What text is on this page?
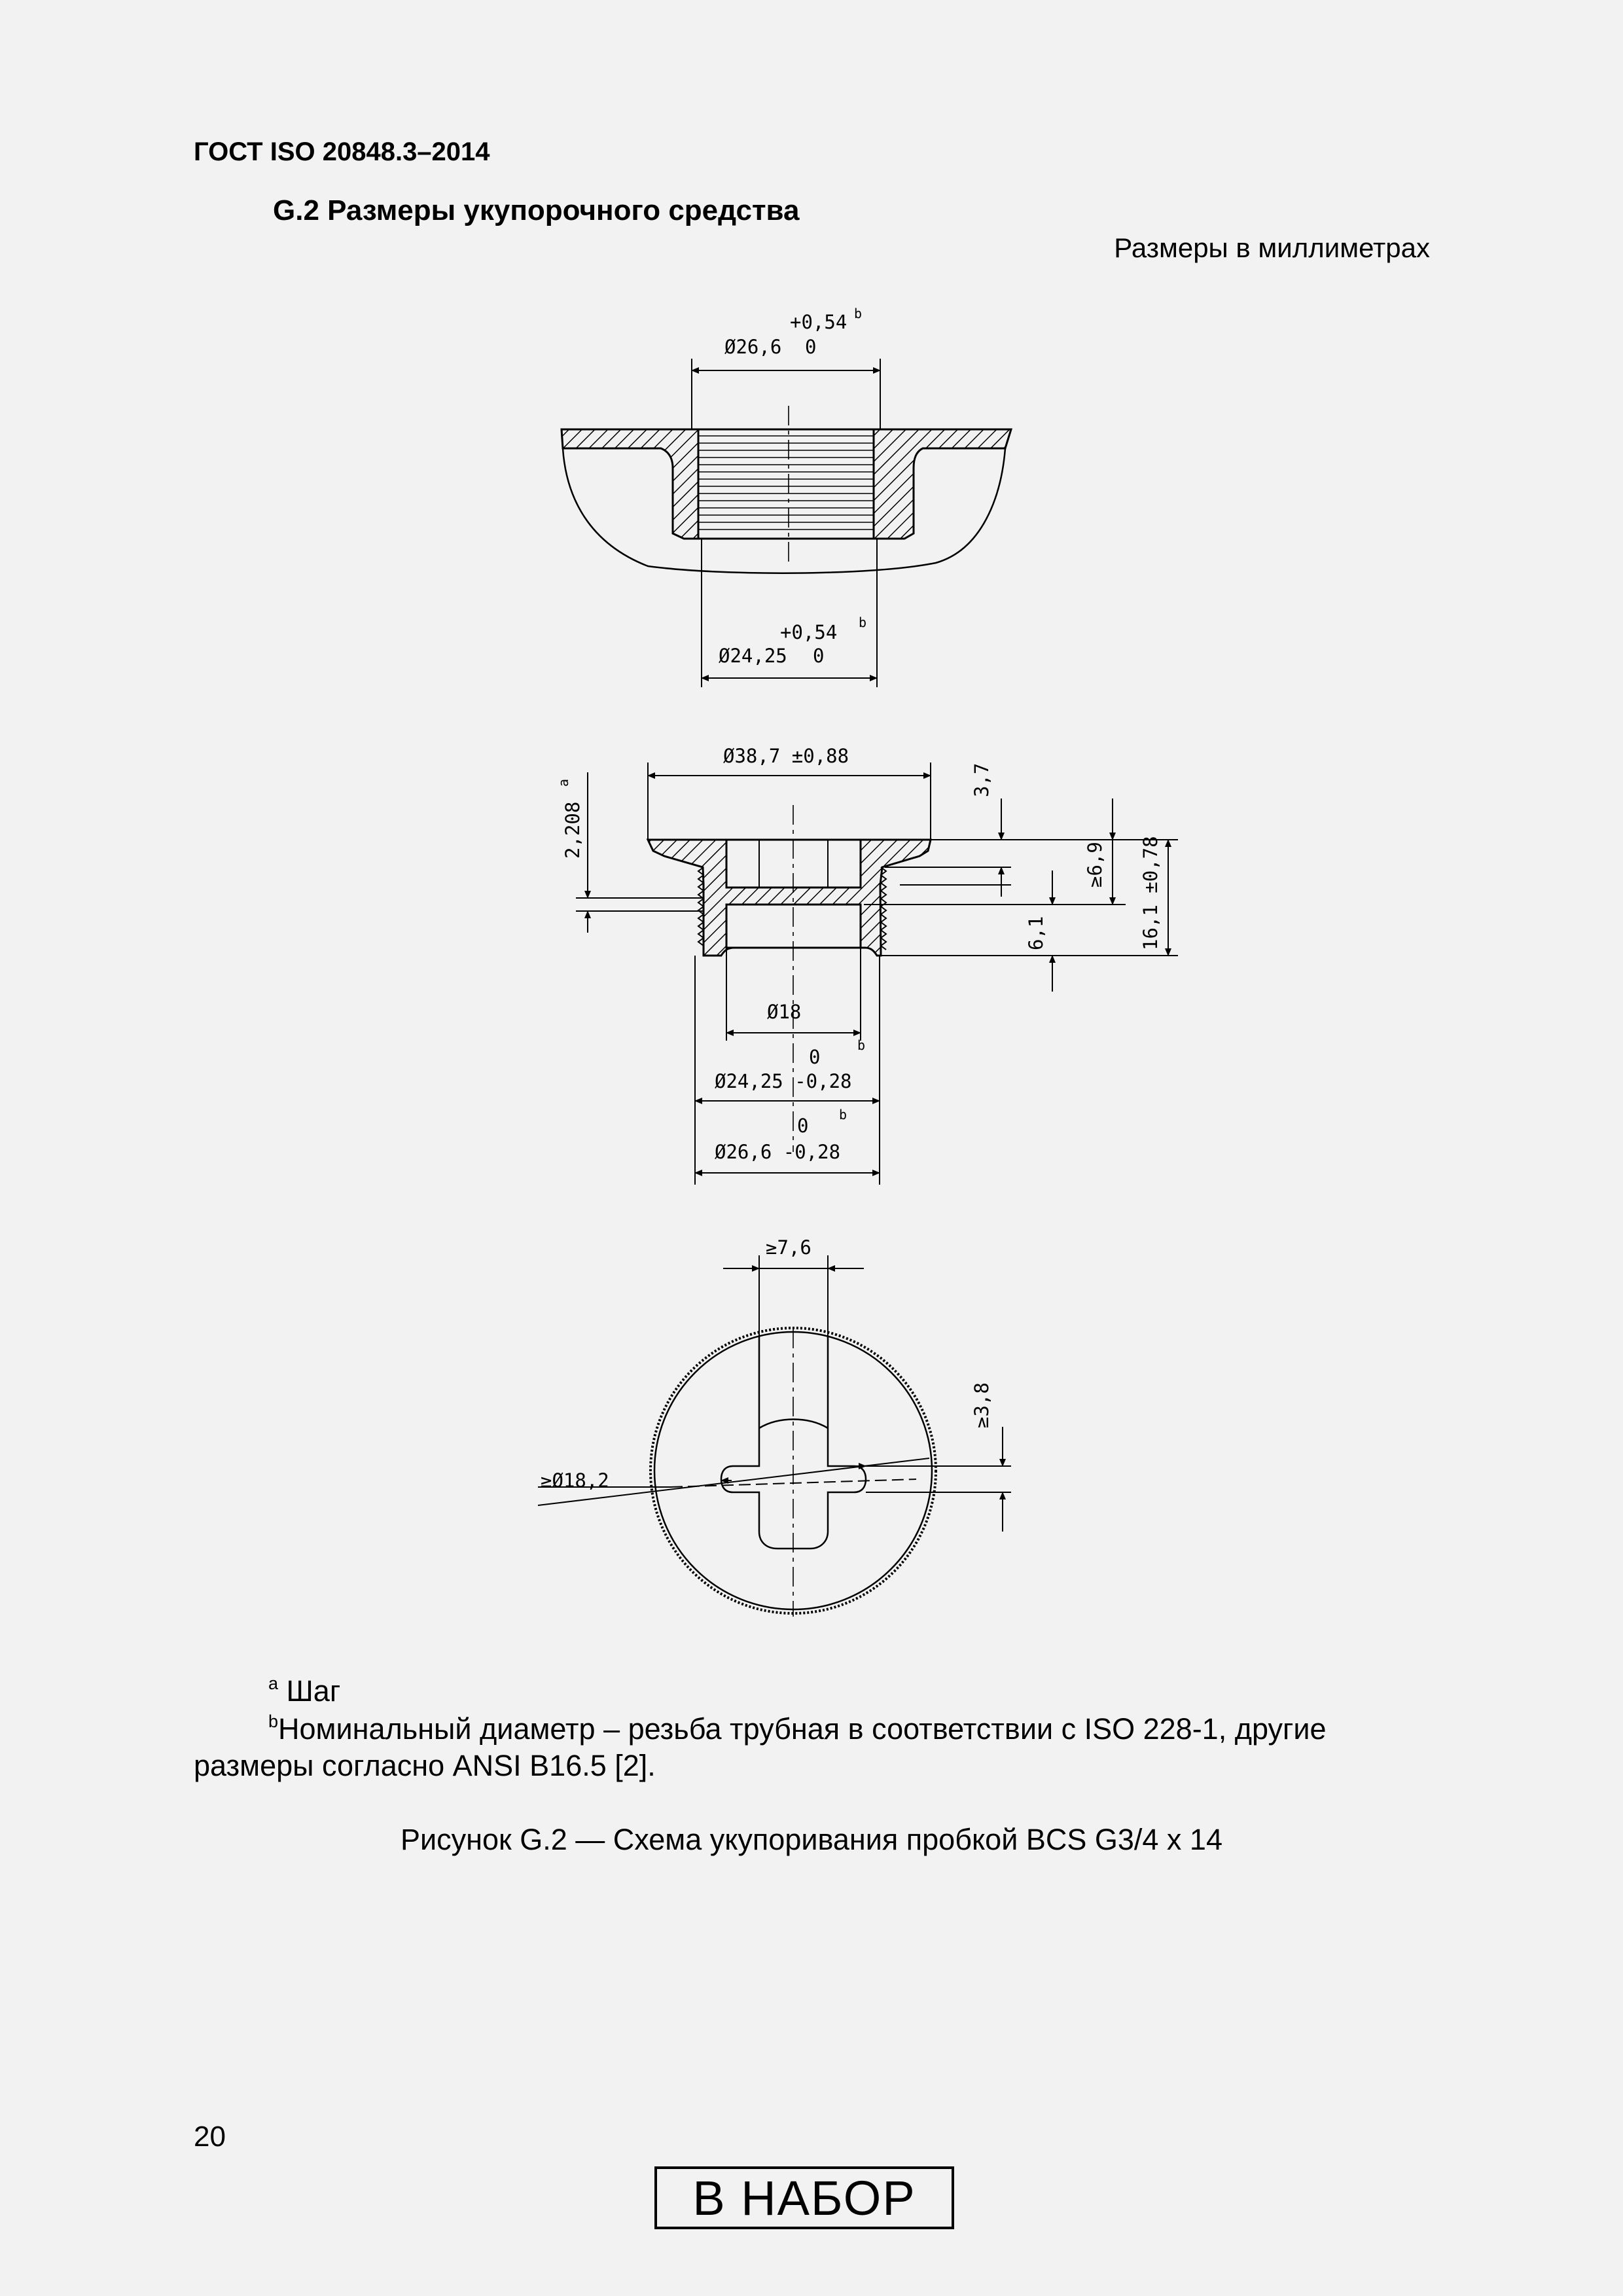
ГОСТ ISO 20848.3–2014
G.2 Размеры укупорочного средства
Размеры в миллиметрах
Ø26,6
+0,54
0
b
Ø24,25
+0,54
0
b
Ø38,7 ±0,88
2,208
a	3,7
≥6,9 16,1 ±0,78
6,1
Ø18
0
b
Ø24,25 -0,28
0 b
Ø26,6 -0,28
≥7,6
≥3,8
≥Ø18,2
$^a$ Шаг
$^b$Номинальный диаметр – резьба трубная в соответствии с ISO 228-1, другие
размеры согласно ANSI B16.5 [2].
Рисунок G.2 — Схема укупоривания пробкой BCS G3/4 x 14
20
В НАБОР
